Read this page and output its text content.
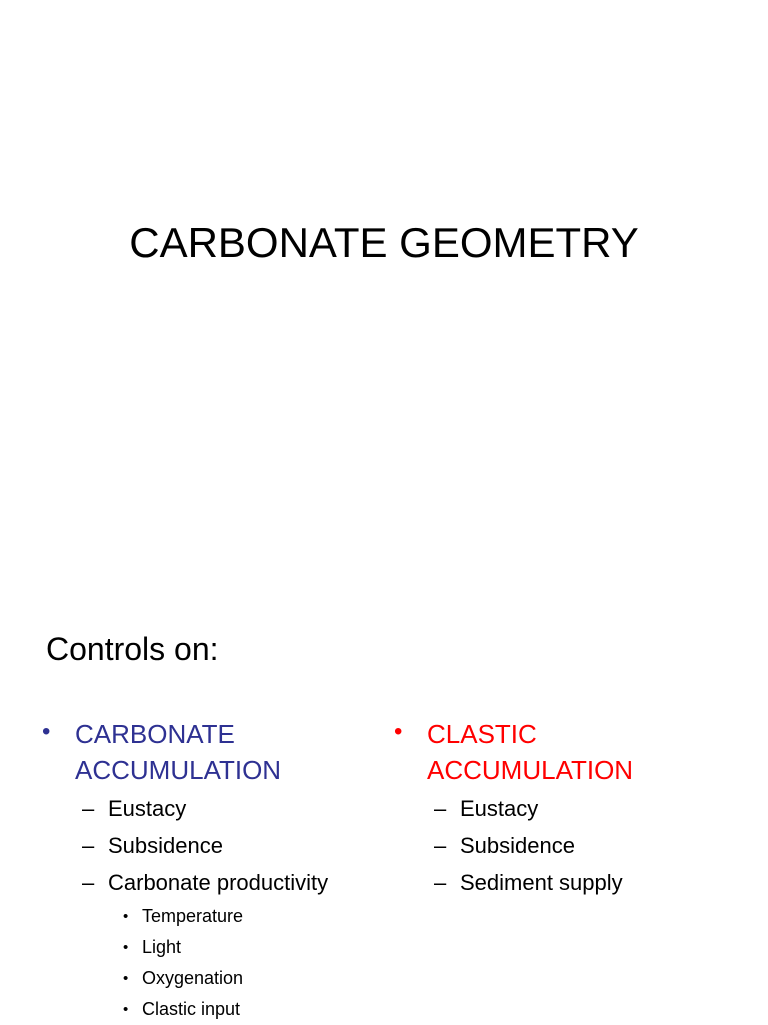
CARBONATE GEOMETRY
Controls on:
• CARBONATE
ACCUMULATION
– Eustacy
– Subsidence
– Carbonate productivity
• Temperature
• Light
• Oxygenation
• Clastic input
• CLASTIC
ACCUMULATION
– Eustacy
– Subsidence
– Sediment supply
